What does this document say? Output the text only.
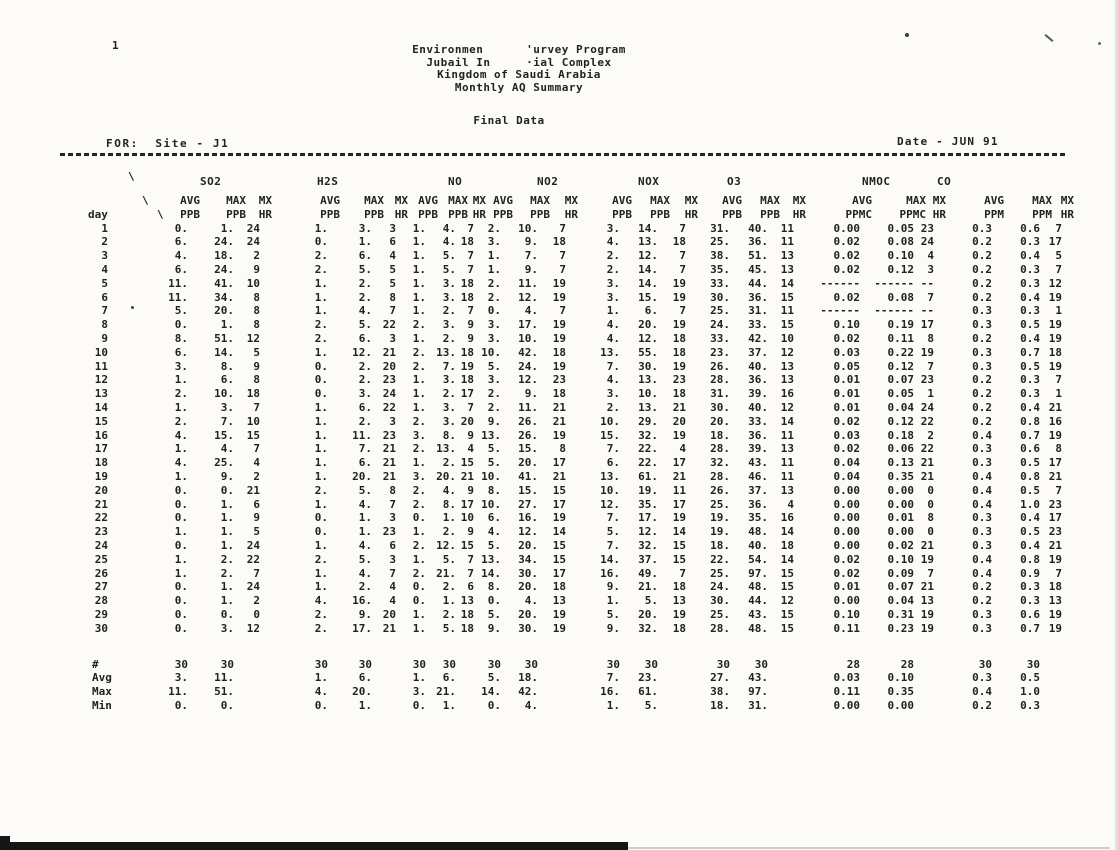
1	Environmen      'urvey Program
Jubail In     ·ial Complex
Kingdom of Saudi Arabia
Monthly AQ Summary
Final Data
FOR:  Site - J1	Date - JUN 91
\	SO2	H2S	NO	NO2	NOX	O3	NMOC	CO
\	AVG	MAX	MX	AVG	MAX MX AVG MAX MX AVG	MAX	MX	AVG	MAX	MX	AVG	MAX	MX	AVG	MAX MX	AVG	MAX MX
day	\	PPB	PPB	HR	PPB	PPB HR PPB PPB HR PPB	PPB	HR	PPB	PPB	HR	PPB	PPB	HR	PPMC	PPMC HR	PPM	PPM HR
1	0.	1.	24	1.	3.	3	1.	4.	7	2.	10.	7	3.	14.	7	31.	40.	11	0.00	0.05 23	0.3	0.6	7
2	6.	24.	24	0.	1.	6	1.	4. 18	3.	9.	18	4.	13.	18	25.	36.	11	0.02	0.08 24	0.2	0.3 17
3	4.	18.	2	2.	6.	4	1.	5.	7	1.	7.	7	2.	12.	7	38.	51.	13	0.02	0.10	4	0.2	0.4	5
4	6.	24.	9	2.	5.	5	1.	5.	7	1.	9.	7	2.	14.	7	35.	45.	13	0.02	0.12	3	0.2	0.3	7
5	11.	41.	10	1.	2.	5	1.	3. 18	2.	11.	19	3.	14.	19	33.	44.	14	------	------ --	0.2	0.3 12
6	11.	34.	8	1.	2.	8	1.	3. 18	2.	12.	19	3.	15.	19	30.	36.	15	0.02	0.08	7	0.2	0.4 19
7	5.	20.	8	1.	4.	7	1.	2.	7	0.	4.	7	1.	6.	7	25.	31.	11	------	------ --	0.3	0.3	1
8	0.	1.	8	2.	5. 22	2.	3.	9	3.	17.	19	4.	20.	19	24.	33.	15	0.10	0.19 17	0.3	0.5 19
9	8.	51.	12	2.	6.	3	1.	2.	9	3.	10.	19	4.	12.	18	33.	42.	10	0.02	0.11	8	0.2	0.4 19
10	6.	14.	5	1.	12. 21	2. 13. 18 10.	42.	18	13.	55.	18	23.	37.	12	0.03	0.22 19	0.3	0.7 18
11	3.	8.	9	0.	2. 20	2.	7. 19	5.	24.	19	7.	30.	19	26.	40.	13	0.05	0.12	7	0.3	0.5 19
12	1.	6.	8	0.	2. 23	1.	3. 18	3.	12.	23	4.	13.	23	28.	36.	13	0.01	0.07 23	0.2	0.3	7
13	2.	10.	18	0.	3. 24	1.	2. 17	2.	9.	18	3.	10.	18	31.	39.	16	0.01	0.05	1	0.2	0.3	1
14	1.	3.	7	1.	6. 22	1.	3.	7	2.	11.	21	2.	13.	21	30.	40.	12	0.01	0.04 24	0.2	0.4 21
15	2.	7.	10	1.	2.	3	2.	3. 20	9.	26.	21	10.	29.	20	20.	33.	14	0.02	0.12 22	0.2	0.8 16
16	4.	15.	15	1.	11. 23	3.	8.	9 13.	26.	19	15.	32.	19	18.	36.	11	0.03	0.18	2	0.4	0.7 19
17	1.	4.	7	1.	7. 21	2. 13.	4	5.	15.	8	7.	22.	4	28.	39.	13	0.02	0.06 22	0.3	0.6	8
18	4.	25.	4	1.	6. 21	1.	2. 15	5.	20.	17	6.	22.	17	32.	43.	11	0.04	0.13 21	0.3	0.5 17
19	1.	9.	2	1.	20. 21	3. 20. 21 10.	41.	21	13.	61.	21	28.	46.	11	0.04	0.35 21	0.4	0.8 21
20	0.	0.	21	2.	5.	8	2.	4.	9	8.	15.	15	10.	19.	11	26.	37.	13	0.00	0.00	0	0.4	0.5	7
21	0.	1.	6	1.	4.	7	2.	8. 17 10.	27.	17	12.	35.	17	25.	36.	4	0.00	0.00	0	0.4	1.0 23
22	0.	1.	9	0.	1.	3	0.	1. 10	6.	16.	19	7.	17.	19	19.	35.	16	0.00	0.01	8	0.3	0.4 17
23	1.	1.	5	0.	1. 23	1.	2.	9	4.	12.	14	5.	12.	14	19.	48.	14	0.00	0.00	0	0.3	0.5 23
24	0.	1.	24	1.	4.	6	2. 12. 15	5.	20.	15	7.	32.	15	18.	40.	18	0.00	0.02 21	0.3	0.4 21
25	1.	2.	22	2.	5.	3	1.	5.	7 13.	34.	15	14.	37.	15	22.	54.	14	0.02	0.10 19	0.4	0.8 19
26	1.	2.	7	1.	4.	7	2. 21.	7 14.	30.	17	16.	49.	7	25.	97.	15	0.02	0.09	7	0.4	0.9	7
27	0.	1.	24	1.	2.	4	0.	2.	6	8.	20.	18	9.	21.	18	24.	48.	15	0.01	0.07 21	0.2	0.3 18
28	0.	1.	2	4.	16.	4	0.	1. 13	0.	4.	13	1.	5.	13	30.	44.	12	0.00	0.04 13	0.2	0.3 13
29	0.	0.	0	2.	9. 20	1.	2. 18	5.	20.	19	5.	20.	19	25.	43.	15	0.10	0.31 19	0.3	0.6 19
30	0.	3.	12	2.	17. 21	1.	5. 18	9.	30.	19	9.	32.	18	28.	48.	15	0.11	0.23 19	0.3	0.7 19
#	30	30	30	30	30	30	30	30	30	30	30	30	28	28	30	30
Avg	3.	11.	1.	6.	1.	6.	5.	18.	7.	23.	27.	43.	0.03	0.10	0.3	0.5
Max	11.	51.	4.	20.	3. 21.	14.	42.	16.	61.	38.	97.	0.11	0.35	0.4	1.0
Min	0.	0.	0.	1.	0.	1.	0.	4.	1.	5.	18.	31.	0.00	0.00	0.2	0.3
